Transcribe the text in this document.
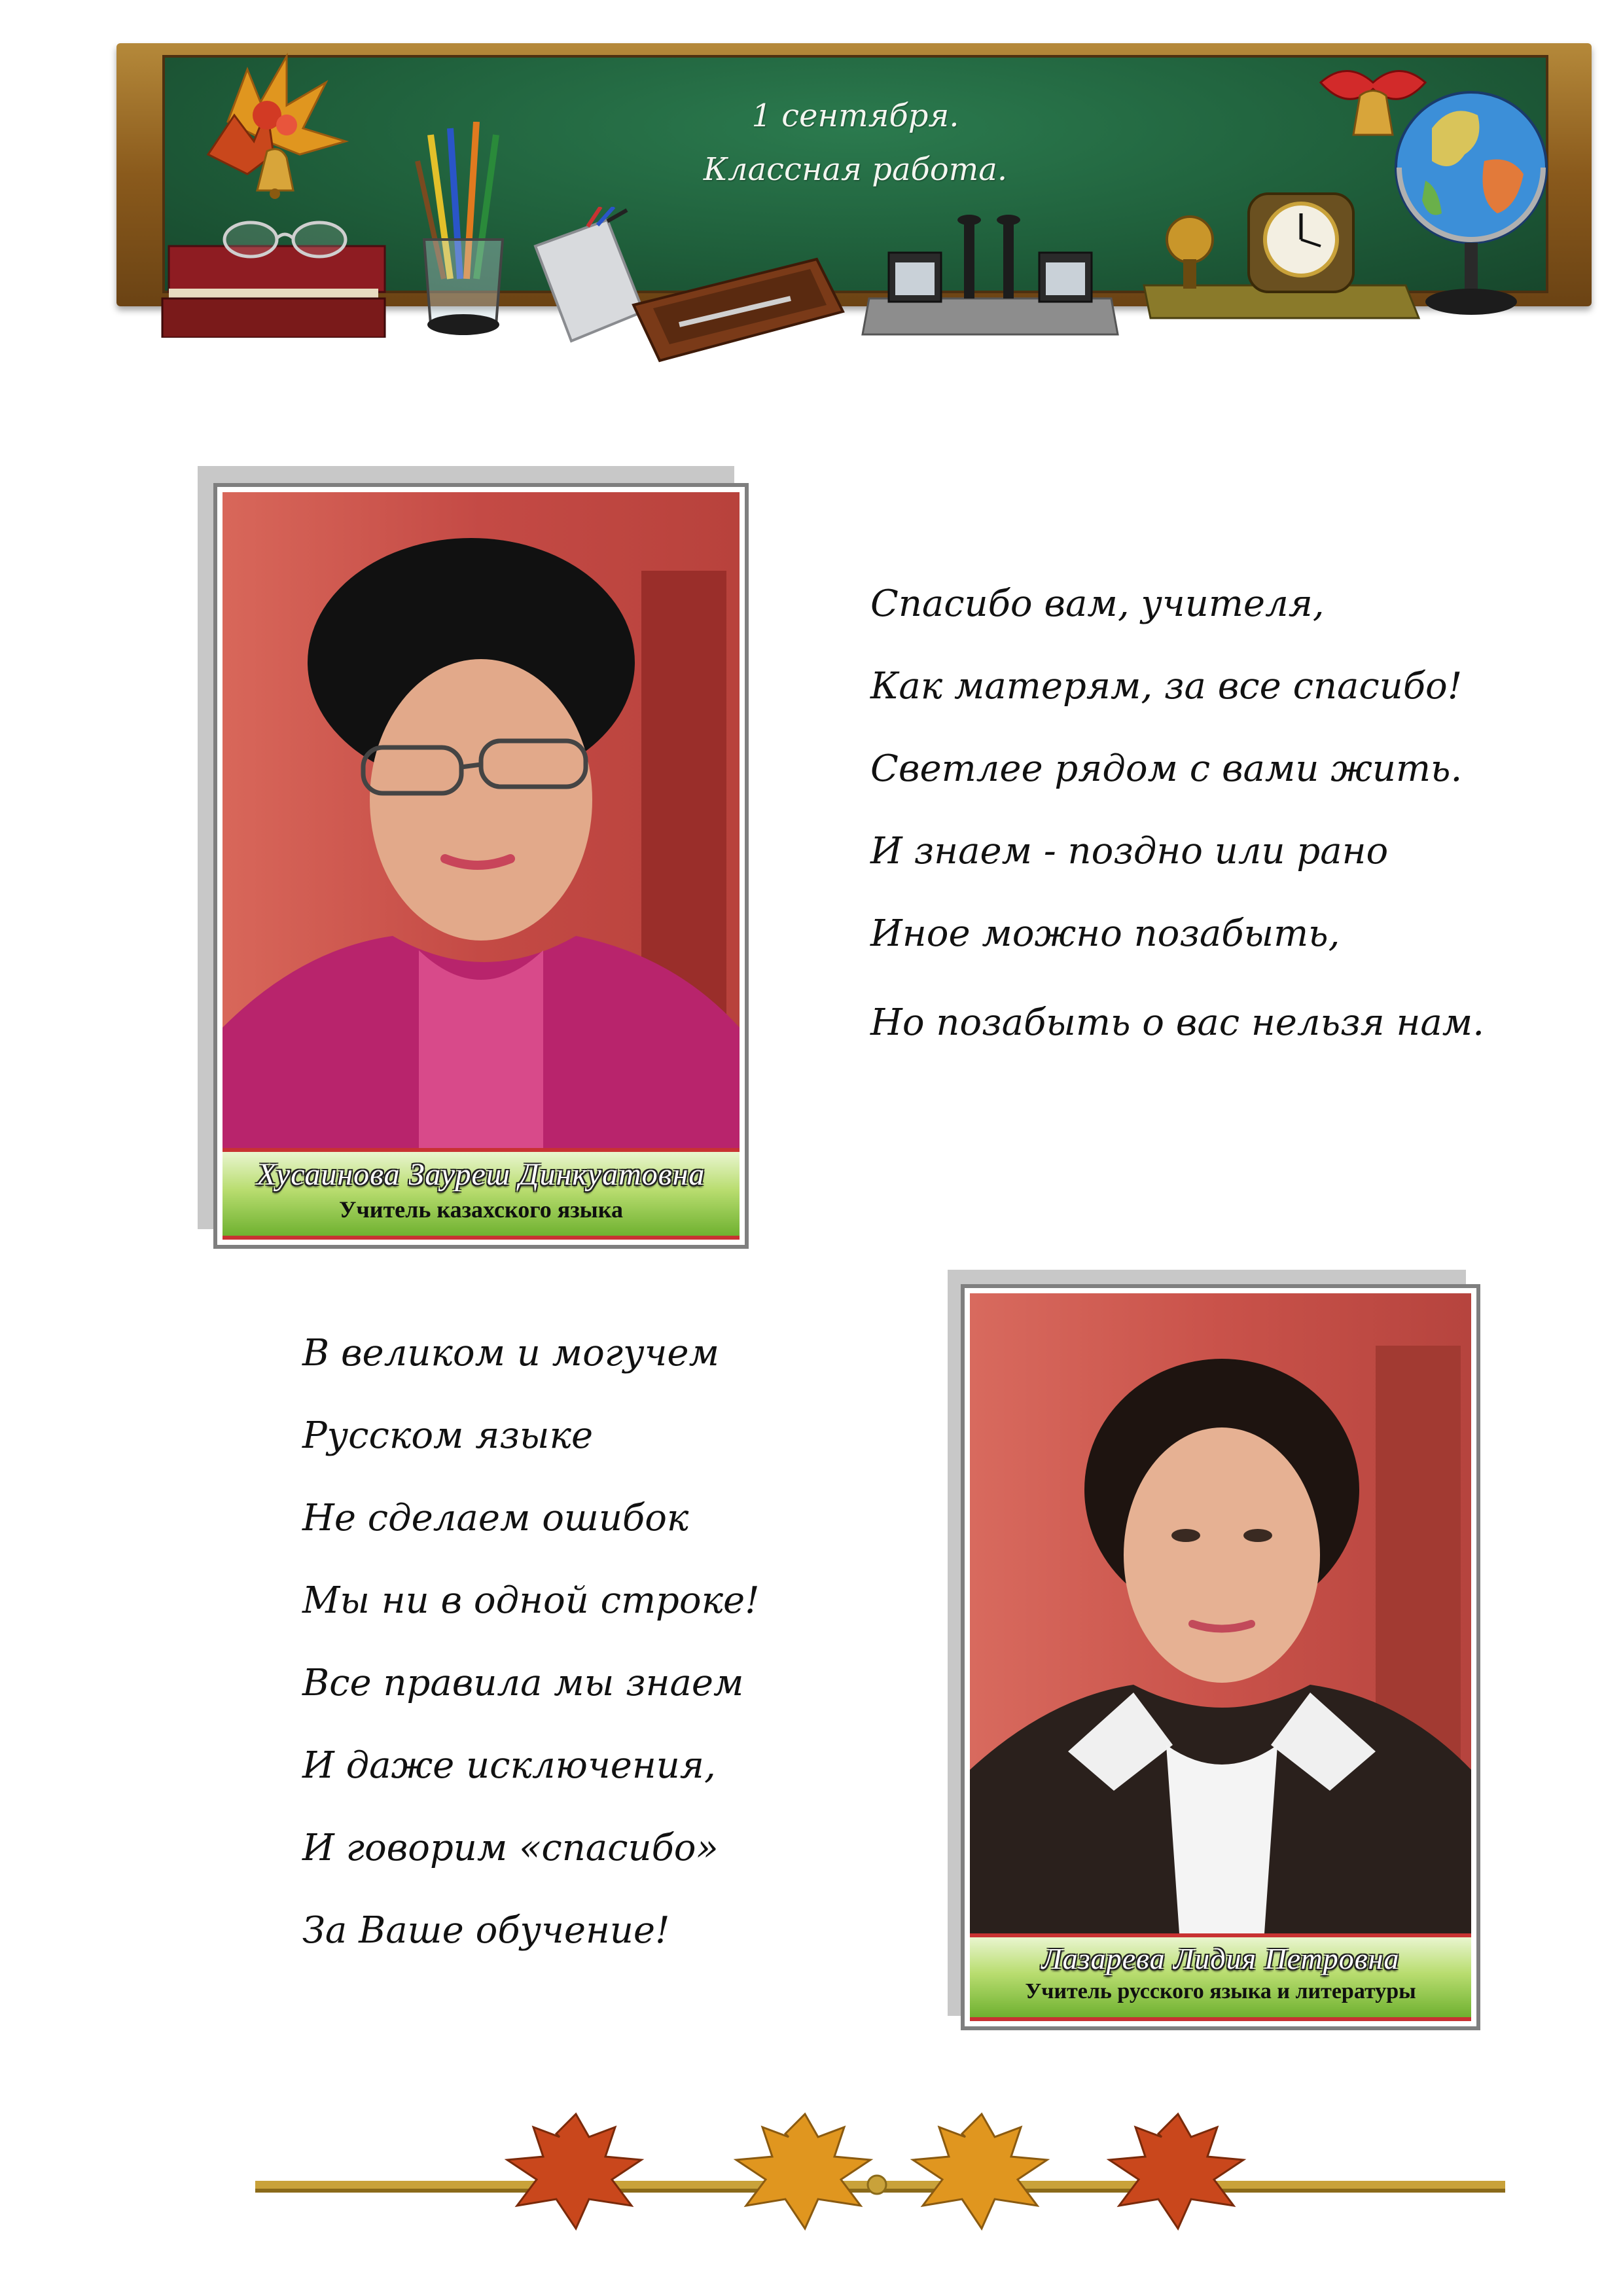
1 сентября.
Классная работа.
Хусаинова Зауреш Динкуатовна
Учитель казахского языка
Спасибо вам, учителя,
Как матерям, за все спасибо!
Светлее рядом с вами жить.
И знаем - поздно или рано
Иное можно позабыть,
Но позабыть о вас нельзя нам.
В великом и могучем
Русском языке
Не сделаем ошибок
Мы ни в одной строке!
Все правила мы знаем
И даже исключения,
И говорим «спасибо»
За Ваше обучение!
Лазарева Лидия Петровна
Учитель русского языка и литературы
